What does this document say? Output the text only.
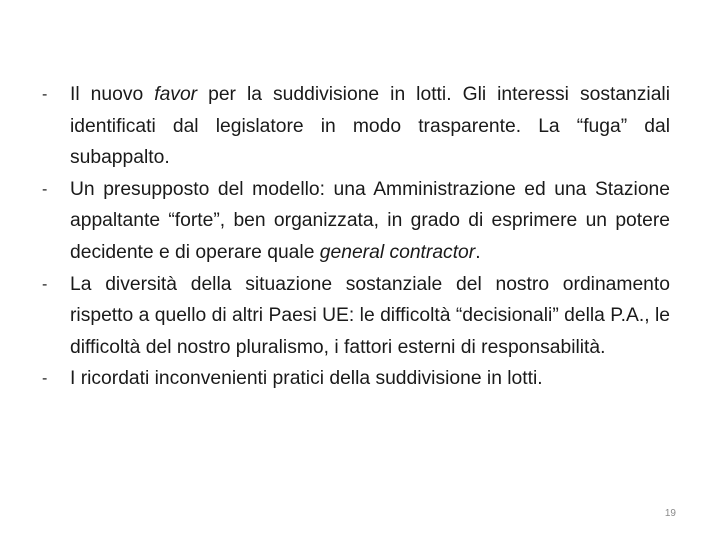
-	Il nuovo favor per la suddivisione in lotti. Gli interessi sostanziali identificati dal legislatore in modo trasparente. La “fuga” dal subappalto.
-	Un presupposto del modello: una Amministrazione ed una Stazione appaltante “forte”, ben organizzata, in grado di esprimere un potere decidente e di operare quale general contractor.
-	La diversità della situazione sostanziale del nostro ordinamento rispetto a quello di altri Paesi UE: le difficoltà “decisionali” della P.A., le difficoltà del nostro pluralismo, i fattori esterni di responsabilità.
-	I ricordati inconvenienti pratici della suddivisione in lotti.
19
